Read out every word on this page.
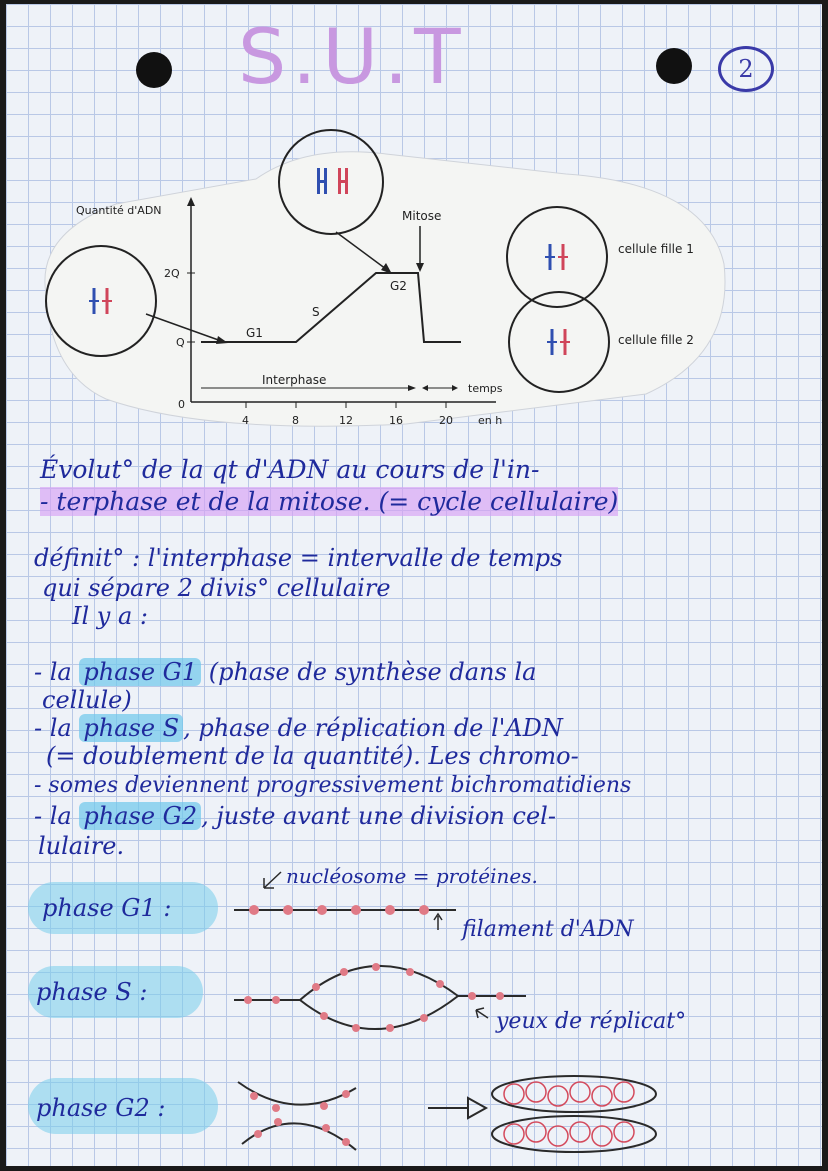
S.U.T	2
Quantité d'ADN
2Q
Q
0
4	8	12	16	20 en h
G1
S
G2
Mitose
Interphase
temps
cellule fille 1
cellule fille 2
Évolut° de la qt d'ADN au cours de l'in-
- terphase et de la mitose. (= cycle cellulaire)
définit° : l'interphase = intervalle de temps
qui sépare 2 divis° cellulaire
Il y a :
- la phase G1 (phase de synthèse dans la
cellule)
- la phase S , phase de réplication de l'ADN
(= doublement de la quantité). Les chromo-
- somes deviennent progressivement bichromatidiens
- la phase G2 , juste avant une division cel-
lulaire.
phase G1 :
nucléosome = protéines.
filament d'ADN
phase S :
yeux de réplicat°
phase G2 :
